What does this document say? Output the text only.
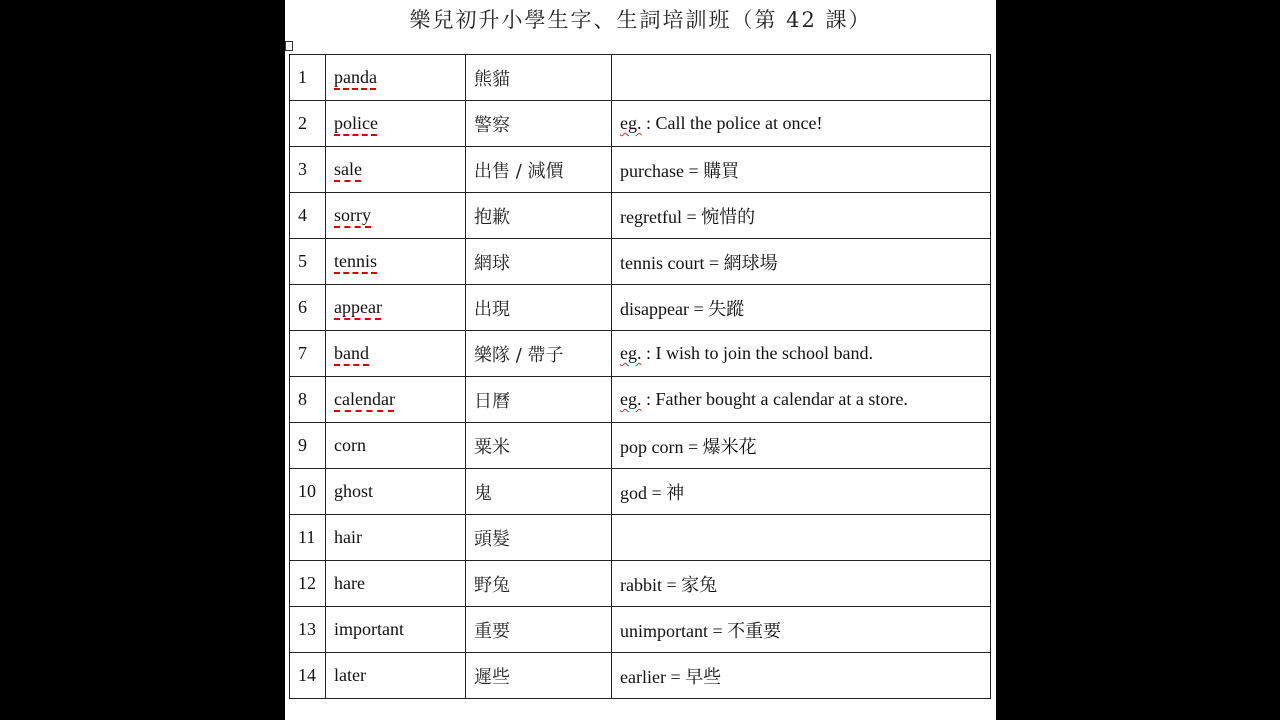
樂兒初升小學生字、生詞培訓班（第 42 課）
1	panda	熊貓	
2	police	警察	eg. : Call the police at once!
3	sale	出售 / 減價	purchase = 購買
4	sorry	抱歉	regretful = 惋惜的
5	tennis	網球	tennis court = 網球場
6	appear	出現	disappear = 失蹤
7	band	樂隊 / 帶子	eg. : I wish to join the school band.
8	calendar	日曆	eg. : Father bought a calendar at a store.
9	corn	粟米	pop corn = 爆米花
10	ghost	鬼	god = 神
11	hair	頭髮	
12	hare	野兔	rabbit = 家兔
13	important	重要	unimportant = 不重要
14	later	遲些	earlier = 早些
